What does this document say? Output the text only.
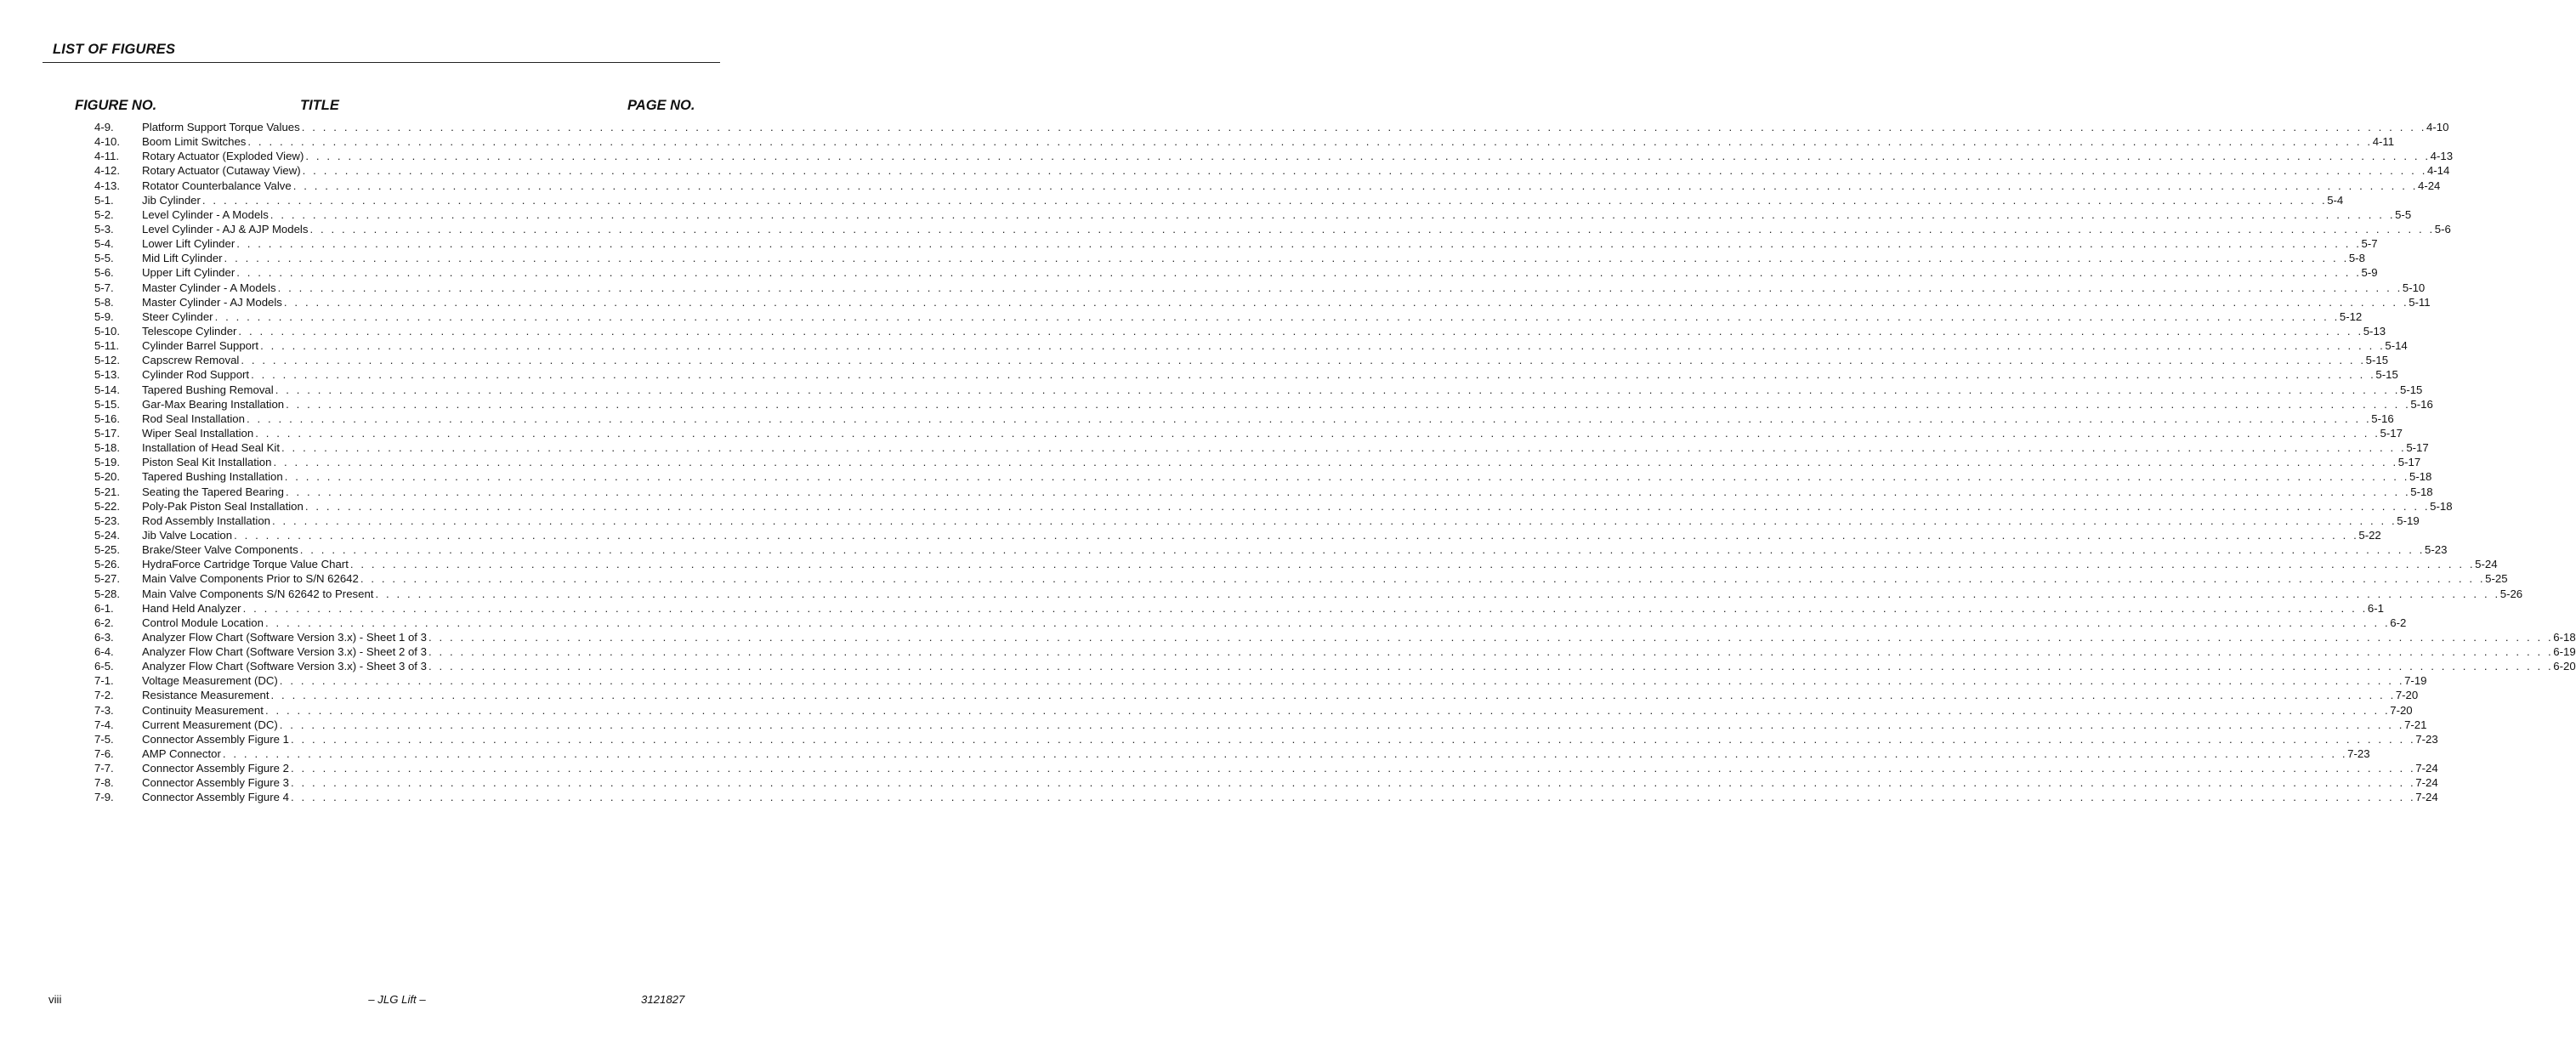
LIST OF FIGURES
FIGURE NO.	TITLE	PAGE NO.
4-9.	Platform Support Torque Values . . . . . . . . . . . . . . . . . . . . . . . . . . . . . . . . . . . . . . . . . . . . . . . . . . . . . . . . . . . . . . . . . . . . . . . . . . . . . . . . . . . . . . . . . . . . . . . . . . . . . . . . . . . . . . . . . . . . . . . . . . . . . . . . . . . . . . . . . . . . . . . . . . . . . . . . . . . . . . . . . . . . . . . . . . . . . . . . . . . . . . . . . . . . . . . . . . . . . . . . 4-10
4-10. Boom Limit Switches . . . . . . . . . . . . . . . . . . . . . . . . . . . . . . . . . . . . . . . . . . . . . . . . . . . . . . . . . . . . . . . . . . . . . . . . . . . . . . . . . . . . . . . . . . . . . . . . . . . . . . . . . . . . . . . . . . . . . . . . . . . . . . . . . . . . . . . . . . . . . . . . . . . . . . . . . . . . . . . . . . . . . . . . . . . . . . . . . . . . . . . . . . . . . . . . . . . . . . . . 4-11
4-11. Rotary Actuator (Exploded View) . . . . . . . . . . . . . . . . . . . . . . . . . . . . . . . . . . . . . . . . . . . . . . . . . . . . . . . . . . . . . . . . . . . . . . . . . . . . . . . . . . . . . . . . . . . . . . . . . . . . . . . . . . . . . . . . . . . . . . . . . . . . . . . . . . . . . . . . . . . . . . . . . . . . . . . . . . . . . . . . . . . . . . . . . . . . . . . . . . . . . . . . . . . . . . . . . . . . . . . . 4-13
4-12. Rotary Actuator (Cutaway View) . . . . . . . . . . . . . . . . . . . . . . . . . . . . . . . . . . . . . . . . . . . . . . . . . . . . . . . . . . . . . . . . . . . . . . . . . . . . . . . . . . . . . . . . . . . . . . . . . . . . . . . . . . . . . . . . . . . . . . . . . . . . . . . . . . . . . . . . . . . . . . . . . . . . . . . . . . . . . . . . . . . . . . . . . . . . . . . . . . . . . . . . . . . . . . . . . . . . . . . . 4-14
4-13. Rotator Counterbalance Valve . . . . . . . . . . . . . . . . . . . . . . . . . . . . . . . . . . . . . . . . . . . . . . . . . . . . . . . . . . . . . . . . . . . . . . . . . . . . . . . . . . . . . . . . . . . . . . . . . . . . . . . . . . . . . . . . . . . . . . . . . . . . . . . . . . . . . . . . . . . . . . . . . . . . . . . . . . . . . . . . . . . . . . . . . . . . . . . . . . . . . . . . . . . . . . . . . . . . . . . . 4-24
5-1.	Jib Cylinder . . . . . . . . . . . . . . . . . . . . . . . . . . . . . . . . . . . . . . . . . . . . . . . . . . . . . . . . . . . . . . . . . . . . . . . . . . . . . . . . . . . . . . . . . . . . . . . . . . . . . . . . . . . . . . . . . . . . . . . . . . . . . . . . . . . . . . . . . . . . . . . . . . . . . . . . . . . . . . . . . . . . . . . . . . . . . . . . . . . . . . . . . . . . . . . . . . . . . . . . 5-4
5-2.	Level Cylinder - A Models . . . . . . . . . . . . . . . . . . . . . . . . . . . . . . . . . . . . . . . . . . . . . . . . . . . . . . . . . . . . . . . . . . . . . . . . . . . . . . . . . . . . . . . . . . . . . . . . . . . . . . . . . . . . . . . . . . . . . . . . . . . . . . . . . . . . . . . . . . . . . . . . . . . . . . . . . . . . . . . . . . . . . . . . . . . . . . . . . . . . . . . . . . . . . . . . . . . . . . . . 5-5
5-3.	Level Cylinder - AJ & AJP Models . . . . . . . . . . . . . . . . . . . . . . . . . . . . . . . . . . . . . . . . . . . . . . . . . . . . . . . . . . . . . . . . . . . . . . . . . . . . . . . . . . . . . . . . . . . . . . . . . . . . . . . . . . . . . . . . . . . . . . . . . . . . . . . . . . . . . . . . . . . . . . . . . . . . . . . . . . . . . . . . . . . . . . . . . . . . . . . . . . . . . . . . . . . . . . . . . . . . . . . . 5-6
5-4.	Lower Lift Cylinder . . . . . . . . . . . . . . . . . . . . . . . . . . . . . . . . . . . . . . . . . . . . . . . . . . . . . . . . . . . . . . . . . . . . . . . . . . . . . . . . . . . . . . . . . . . . . . . . . . . . . . . . . . . . . . . . . . . . . . . . . . . . . . . . . . . . . . . . . . . . . . . . . . . . . . . . . . . . . . . . . . . . . . . . . . . . . . . . . . . . . . . . . . . . . . . . . . . . . . . . 5-7
5-5.	Mid Lift Cylinder . . . . . . . . . . . . . . . . . . . . . . . . . . . . . . . . . . . . . . . . . . . . . . . . . . . . . . . . . . . . . . . . . . . . . . . . . . . . . . . . . . . . . . . . . . . . . . . . . . . . . . . . . . . . . . . . . . . . . . . . . . . . . . . . . . . . . . . . . . . . . . . . . . . . . . . . . . . . . . . . . . . . . . . . . . . . . . . . . . . . . . . . . . . . . . . . . . . . . . . . 5-8
5-6.	Upper Lift Cylinder . . . . . . . . . . . . . . . . . . . . . . . . . . . . . . . . . . . . . . . . . . . . . . . . . . . . . . . . . . . . . . . . . . . . . . . . . . . . . . . . . . . . . . . . . . . . . . . . . . . . . . . . . . . . . . . . . . . . . . . . . . . . . . . . . . . . . . . . . . . . . . . . . . . . . . . . . . . . . . . . . . . . . . . . . . . . . . . . . . . . . . . . . . . . . . . . . . . . . . . . 5-9
5-7.	Master Cylinder - A Models . . . . . . . . . . . . . . . . . . . . . . . . . . . . . . . . . . . . . . . . . . . . . . . . . . . . . . . . . . . . . . . . . . . . . . . . . . . . . . . . . . . . . . . . . . . . . . . . . . . . . . . . . . . . . . . . . . . . . . . . . . . . . . . . . . . . . . . . . . . . . . . . . . . . . . . . . . . . . . . . . . . . . . . . . . . . . . . . . . . . . . . . . . . . . . . . . . . . . . . . 5-10
5-8.	Master Cylinder - AJ Models . . . . . . . . . . . . . . . . . . . . . . . . . . . . . . . . . . . . . . . . . . . . . . . . . . . . . . . . . . . . . . . . . . . . . . . . . . . . . . . . . . . . . . . . . . . . . . . . . . . . . . . . . . . . . . . . . . . . . . . . . . . . . . . . . . . . . . . . . . . . . . . . . . . . . . . . . . . . . . . . . . . . . . . . . . . . . . . . . . . . . . . . . . . . . . . . . . . . . . . . 5-11
5-9.	Steer Cylinder . . . . . . . . . . . . . . . . . . . . . . . . . . . . . . . . . . . . . . . . . . . . . . . . . . . . . . . . . . . . . . . . . . . . . . . . . . . . . . . . . . . . . . . . . . . . . . . . . . . . . . . . . . . . . . . . . . . . . . . . . . . . . . . . . . . . . . . . . . . . . . . . . . . . . . . . . . . . . . . . . . . . . . . . . . . . . . . . . . . . . . . . . . . . . . . . . . . . . . . . 5-12
5-10. Telescope Cylinder . . . . . . . . . . . . . . . . . . . . . . . . . . . . . . . . . . . . . . . . . . . . . . . . . . . . . . . . . . . . . . . . . . . . . . . . . . . . . . . . . . . . . . . . . . . . . . . . . . . . . . . . . . . . . . . . . . . . . . . . . . . . . . . . . . . . . . . . . . . . . . . . . . . . . . . . . . . . . . . . . . . . . . . . . . . . . . . . . . . . . . . . . . . . . . . . . . . . . . . . 5-13
5-11. Cylinder Barrel Support . . . . . . . . . . . . . . . . . . . . . . . . . . . . . . . . . . . . . . . . . . . . . . . . . . . . . . . . . . . . . . . . . . . . . . . . . . . . . . . . . . . . . . . . . . . . . . . . . . . . . . . . . . . . . . . . . . . . . . . . . . . . . . . . . . . . . . . . . . . . . . . . . . . . . . . . . . . . . . . . . . . . . . . . . . . . . . . . . . . . . . . . . . . . . . . . . . . . . . . . 5-14
5-12. Capscrew Removal . . . . . . . . . . . . . . . . . . . . . . . . . . . . . . . . . . . . . . . . . . . . . . . . . . . . . . . . . . . . . . . . . . . . . . . . . . . . . . . . . . . . . . . . . . . . . . . . . . . . . . . . . . . . . . . . . . . . . . . . . . . . . . . . . . . . . . . . . . . . . . . . . . . . . . . . . . . . . . . . . . . . . . . . . . . . . . . . . . . . . . . . . . . . . . . . . . . . . . . . 5-15
5-13. Cylinder Rod Support . . . . . . . . . . . . . . . . . . . . . . . . . . . . . . . . . . . . . . . . . . . . . . . . . . . . . . . . . . . . . . . . . . . . . . . . . . . . . . . . . . . . . . . . . . . . . . . . . . . . . . . . . . . . . . . . . . . . . . . . . . . . . . . . . . . . . . . . . . . . . . . . . . . . . . . . . . . . . . . . . . . . . . . . . . . . . . . . . . . . . . . . . . . . . . . . . . . . . . . . 5-15
5-14. Tapered Bushing Removal . . . . . . . . . . . . . . . . . . . . . . . . . . . . . . . . . . . . . . . . . . . . . . . . . . . . . . . . . . . . . . . . . . . . . . . . . . . . . . . . . . . . . . . . . . . . . . . . . . . . . . . . . . . . . . . . . . . . . . . . . . . . . . . . . . . . . . . . . . . . . . . . . . . . . . . . . . . . . . . . . . . . . . . . . . . . . . . . . . . . . . . . . . . . . . . . . . . . . . . . 5-15
5-15. Gar-Max Bearing Installation . . . . . . . . . . . . . . . . . . . . . . . . . . . . . . . . . . . . . . . . . . . . . . . . . . . . . . . . . . . . . . . . . . . . . . . . . . . . . . . . . . . . . . . . . . . . . . . . . . . . . . . . . . . . . . . . . . . . . . . . . . . . . . . . . . . . . . . . . . . . . . . . . . . . . . . . . . . . . . . . . . . . . . . . . . . . . . . . . . . . . . . . . . . . . . . . . . . . . . . . 5-16
5-16. Rod Seal Installation . . . . . . . . . . . . . . . . . . . . . . . . . . . . . . . . . . . . . . . . . . . . . . . . . . . . . . . . . . . . . . . . . . . . . . . . . . . . . . . . . . . . . . . . . . . . . . . . . . . . . . . . . . . . . . . . . . . . . . . . . . . . . . . . . . . . . . . . . . . . . . . . . . . . . . . . . . . . . . . . . . . . . . . . . . . . . . . . . . . . . . . . . . . . . . . . . . . . . . . . 5-16
5-17. Wiper Seal Installation . . . . . . . . . . . . . . . . . . . . . . . . . . . . . . . . . . . . . . . . . . . . . . . . . . . . . . . . . . . . . . . . . . . . . . . . . . . . . . . . . . . . . . . . . . . . . . . . . . . . . . . . . . . . . . . . . . . . . . . . . . . . . . . . . . . . . . . . . . . . . . . . . . . . . . . . . . . . . . . . . . . . . . . . . . . . . . . . . . . . . . . . . . . . . . . . . . . . . . . . 5-17
5-18. Installation of Head Seal Kit . . . . . . . . . . . . . . . . . . . . . . . . . . . . . . . . . . . . . . . . . . . . . . . . . . . . . . . . . . . . . . . . . . . . . . . . . . . . . . . . . . . . . . . . . . . . . . . . . . . . . . . . . . . . . . . . . . . . . . . . . . . . . . . . . . . . . . . . . . . . . . . . . . . . . . . . . . . . . . . . . . . . . . . . . . . . . . . . . . . . . . . . . . . . . . . . . . . . . . . . 5-17
5-19. Piston Seal Kit Installation . . . . . . . . . . . . . . . . . . . . . . . . . . . . . . . . . . . . . . . . . . . . . . . . . . . . . . . . . . . . . . . . . . . . . . . . . . . . . . . . . . . . . . . . . . . . . . . . . . . . . . . . . . . . . . . . . . . . . . . . . . . . . . . . . . . . . . . . . . . . . . . . . . . . . . . . . . . . . . . . . . . . . . . . . . . . . . . . . . . . . . . . . . . . . . . . . . . . . . . . 5-17
5-20. Tapered Bushing Installation . . . . . . . . . . . . . . . . . . . . . . . . . . . . . . . . . . . . . . . . . . . . . . . . . . . . . . . . . . . . . . . . . . . . . . . . . . . . . . . . . . . . . . . . . . . . . . . . . . . . . . . . . . . . . . . . . . . . . . . . . . . . . . . . . . . . . . . . . . . . . . . . . . . . . . . . . . . . . . . . . . . . . . . . . . . . . . . . . . . . . . . . . . . . . . . . . . . . . . . . 5-18
5-21. Seating the Tapered Bearing . . . . . . . . . . . . . . . . . . . . . . . . . . . . . . . . . . . . . . . . . . . . . . . . . . . . . . . . . . . . . . . . . . . . . . . . . . . . . . . . . . . . . . . . . . . . . . . . . . . . . . . . . . . . . . . . . . . . . . . . . . . . . . . . . . . . . . . . . . . . . . . . . . . . . . . . . . . . . . . . . . . . . . . . . . . . . . . . . . . . . . . . . . . . . . . . . . . . . . . . 5-18
5-22. Poly-Pak Piston Seal Installation . . . . . . . . . . . . . . . . . . . . . . . . . . . . . . . . . . . . . . . . . . . . . . . . . . . . . . . . . . . . . . . . . . . . . . . . . . . . . . . . . . . . . . . . . . . . . . . . . . . . . . . . . . . . . . . . . . . . . . . . . . . . . . . . . . . . . . . . . . . . . . . . . . . . . . . . . . . . . . . . . . . . . . . . . . . . . . . . . . . . . . . . . . . . . . . . . . . . . . . . 5-18
5-23. Rod Assembly Installation . . . . . . . . . . . . . . . . . . . . . . . . . . . . . . . . . . . . . . . . . . . . . . . . . . . . . . . . . . . . . . . . . . . . . . . . . . . . . . . . . . . . . . . . . . . . . . . . . . . . . . . . . . . . . . . . . . . . . . . . . . . . . . . . . . . . . . . . . . . . . . . . . . . . . . . . . . . . . . . . . . . . . . . . . . . . . . . . . . . . . . . . . . . . . . . . . . . . . . . . 5-19
5-24. Jib Valve Location . . . . . . . . . . . . . . . . . . . . . . . . . . . . . . . . . . . . . . . . . . . . . . . . . . . . . . . . . . . . . . . . . . . . . . . . . . . . . . . . . . . . . . . . . . . . . . . . . . . . . . . . . . . . . . . . . . . . . . . . . . . . . . . . . . . . . . . . . . . . . . . . . . . . . . . . . . . . . . . . . . . . . . . . . . . . . . . . . . . . . . . . . . . . . . . . . . . . . . . . 5-22
5-25. Brake/Steer Valve Components . . . . . . . . . . . . . . . . . . . . . . . . . . . . . . . . . . . . . . . . . . . . . . . . . . . . . . . . . . . . . . . . . . . . . . . . . . . . . . . . . . . . . . . . . . . . . . . . . . . . . . . . . . . . . . . . . . . . . . . . . . . . . . . . . . . . . . . . . . . . . . . . . . . . . . . . . . . . . . . . . . . . . . . . . . . . . . . . . . . . . . . . . . . . . . . . . . . . . . . . 5-23
5-26. HydraForce Cartridge Torque Value Chart . . . . . . . . . . . . . . . . . . . . . . . . . . . . . . . . . . . . . . . . . . . . . . . . . . . . . . . . . . . . . . . . . . . . . . . . . . . . . . . . . . . . . . . . . . . . . . . . . . . . . . . . . . . . . . . . . . . . . . . . . . . . . . . . . . . . . . . . . . . . . . . . . . . . . . . . . . . . . . . . . . . . . . . . . . . . . . . . . . . . . . . . . . . . . . . . . . . . . . . . 5-24
5-27. Main Valve Components Prior to S/N 62642 . . . . . . . . . . . . . . . . . . . . . . . . . . . . . . . . . . . . . . . . . . . . . . . . . . . . . . . . . . . . . . . . . . . . . . . . . . . . . . . . . . . . . . . . . . . . . . . . . . . . . . . . . . . . . . . . . . . . . . . . . . . . . . . . . . . . . . . . . . . . . . . . . . . . . . . . . . . . . . . . . . . . . . . . . . . . . . . . . . . . . . . . . . . . . . . . . . . . . . . . 5-25
5-28. Main Valve Components S/N 62642 to Present . . . . . . . . . . . . . . . . . . . . . . . . . . . . . . . . . . . . . . . . . . . . . . . . . . . . . . . . . . . . . . . . . . . . . . . . . . . . . . . . . . . . . . . . . . . . . . . . . . . . . . . . . . . . . . . . . . . . . . . . . . . . . . . . . . . . . . . . . . . . . . . . . . . . . . . . . . . . . . . . . . . . . . . . . . . . . . . . . . . . . . . . . . . . . . . . . . . . . . . . 5-26
6-1.	Hand Held Analyzer . . . . . . . . . . . . . . . . . . . . . . . . . . . . . . . . . . . . . . . . . . . . . . . . . . . . . . . . . . . . . . . . . . . . . . . . . . . . . . . . . . . . . . . . . . . . . . . . . . . . . . . . . . . . . . . . . . . . . . . . . . . . . . . . . . . . . . . . . . . . . . . . . . . . . . . . . . . . . . . . . . . . . . . . . . . . . . . . . . . . . . . . . . . . . . . . . . . . . . . . 6-1
6-2.	Control Module Location . . . . . . . . . . . . . . . . . . . . . . . . . . . . . . . . . . . . . . . . . . . . . . . . . . . . . . . . . . . . . . . . . . . . . . . . . . . . . . . . . . . . . . . . . . . . . . . . . . . . . . . . . . . . . . . . . . . . . . . . . . . . . . . . . . . . . . . . . . . . . . . . . . . . . . . . . . . . . . . . . . . . . . . . . . . . . . . . . . . . . . . . . . . . . . . . . . . . . . . . 6-2
6-3.	Analyzer Flow Chart (Software Version 3.x) - Sheet 1 of 3 . . . . . . . . . . . . . . . . . . . . . . . . . . . . . . . . . . . . . . . . . . . . . . . . . . . . . . . . . . . . . . . . . . . . . . . . . . . . . . . . . . . . . . . . . . . . . . . . . . . . . . . . . . . . . . . . . . . . . . . . . . . . . . . . . . . . . . . . . . . . . . . . . . . . . . . . . . . . . . . . . . . . . . . . . . . . . . . . . . . . . . . . . . . . . . . . . . . . . . . . 6-18
6-4.	Analyzer Flow Chart (Software Version 3.x) - Sheet 2 of 3 . . . . . . . . . . . . . . . . . . . . . . . . . . . . . . . . . . . . . . . . . . . . . . . . . . . . . . . . . . . . . . . . . . . . . . . . . . . . . . . . . . . . . . . . . . . . . . . . . . . . . . . . . . . . . . . . . . . . . . . . . . . . . . . . . . . . . . . . . . . . . . . . . . . . . . . . . . . . . . . . . . . . . . . . . . . . . . . . . . . . . . . . . . . . . . . . . . . . . . . . 6-19
6-5.	Analyzer Flow Chart (Software Version 3.x) - Sheet 3 of 3 . . . . . . . . . . . . . . . . . . . . . . . . . . . . . . . . . . . . . . . . . . . . . . . . . . . . . . . . . . . . . . . . . . . . . . . . . . . . . . . . . . . . . . . . . . . . . . . . . . . . . . . . . . . . . . . . . . . . . . . . . . . . . . . . . . . . . . . . . . . . . . . . . . . . . . . . . . . . . . . . . . . . . . . . . . . . . . . . . . . . . . . . . . . . . . . . . . . . . . . . 6-20
7-1.	Voltage Measurement (DC) . . . . . . . . . . . . . . . . . . . . . . . . . . . . . . . . . . . . . . . . . . . . . . . . . . . . . . . . . . . . . . . . . . . . . . . . . . . . . . . . . . . . . . . . . . . . . . . . . . . . . . . . . . . . . . . . . . . . . . . . . . . . . . . . . . . . . . . . . . . . . . . . . . . . . . . . . . . . . . . . . . . . . . . . . . . . . . . . . . . . . . . . . . . . . . . . . . . . . . . . 7-19
7-2.	Resistance Measurement . . . . . . . . . . . . . . . . . . . . . . . . . . . . . . . . . . . . . . . . . . . . . . . . . . . . . . . . . . . . . . . . . . . . . . . . . . . . . . . . . . . . . . . . . . . . . . . . . . . . . . . . . . . . . . . . . . . . . . . . . . . . . . . . . . . . . . . . . . . . . . . . . . . . . . . . . . . . . . . . . . . . . . . . . . . . . . . . . . . . . . . . . . . . . . . . . . . . . . . . 7-20
7-3.	Continuity Measurement . . . . . . . . . . . . . . . . . . . . . . . . . . . . . . . . . . . . . . . . . . . . . . . . . . . . . . . . . . . . . . . . . . . . . . . . . . . . . . . . . . . . . . . . . . . . . . . . . . . . . . . . . . . . . . . . . . . . . . . . . . . . . . . . . . . . . . . . . . . . . . . . . . . . . . . . . . . . . . . . . . . . . . . . . . . . . . . . . . . . . . . . . . . . . . . . . . . . . . . . 7-20
7-4.	Current Measurement (DC) . . . . . . . . . . . . . . . . . . . . . . . . . . . . . . . . . . . . . . . . . . . . . . . . . . . . . . . . . . . . . . . . . . . . . . . . . . . . . . . . . . . . . . . . . . . . . . . . . . . . . . . . . . . . . . . . . . . . . . . . . . . . . . . . . . . . . . . . . . . . . . . . . . . . . . . . . . . . . . . . . . . . . . . . . . . . . . . . . . . . . . . . . . . . . . . . . . . . . . . . 7-21
7-5.	Connector Assembly Figure 1 . . . . . . . . . . . . . . . . . . . . . . . . . . . . . . . . . . . . . . . . . . . . . . . . . . . . . . . . . . . . . . . . . . . . . . . . . . . . . . . . . . . . . . . . . . . . . . . . . . . . . . . . . . . . . . . . . . . . . . . . . . . . . . . . . . . . . . . . . . . . . . . . . . . . . . . . . . . . . . . . . . . . . . . . . . . . . . . . . . . . . . . . . . . . . . . . . . . . . . . . 7-23
7-6.	AMP Connector . . . . . . . . . . . . . . . . . . . . . . . . . . . . . . . . . . . . . . . . . . . . . . . . . . . . . . . . . . . . . . . . . . . . . . . . . . . . . . . . . . . . . . . . . . . . . . . . . . . . . . . . . . . . . . . . . . . . . . . . . . . . . . . . . . . . . . . . . . . . . . . . . . . . . . . . . . . . . . . . . . . . . . . . . . . . . . . . . . . . . . . . . . . . . . . . . . . . . . . . 7-23
7-7.	Connector Assembly Figure 2 . . . . . . . . . . . . . . . . . . . . . . . . . . . . . . . . . . . . . . . . . . . . . . . . . . . . . . . . . . . . . . . . . . . . . . . . . . . . . . . . . . . . . . . . . . . . . . . . . . . . . . . . . . . . . . . . . . . . . . . . . . . . . . . . . . . . . . . . . . . . . . . . . . . . . . . . . . . . . . . . . . . . . . . . . . . . . . . . . . . . . . . . . . . . . . . . . . . . . . . . 7-24
7-8.	Connector Assembly Figure 3 . . . . . . . . . . . . . . . . . . . . . . . . . . . . . . . . . . . . . . . . . . . . . . . . . . . . . . . . . . . . . . . . . . . . . . . . . . . . . . . . . . . . . . . . . . . . . . . . . . . . . . . . . . . . . . . . . . . . . . . . . . . . . . . . . . . . . . . . . . . . . . . . . . . . . . . . . . . . . . . . . . . . . . . . . . . . . . . . . . . . . . . . . . . . . . . . . . . . . . . . 7-24
7-9.	Connector Assembly Figure 4 . . . . . . . . . . . . . . . . . . . . . . . . . . . . . . . . . . . . . . . . . . . . . . . . . . . . . . . . . . . . . . . . . . . . . . . . . . . . . . . . . . . . . . . . . . . . . . . . . . . . . . . . . . . . . . . . . . . . . . . . . . . . . . . . . . . . . . . . . . . . . . . . . . . . . . . . . . . . . . . . . . . . . . . . . . . . . . . . . . . . . . . . . . . . . . . . . . . . . . . . 7-24
viii	– JLG Lift –	3121827
